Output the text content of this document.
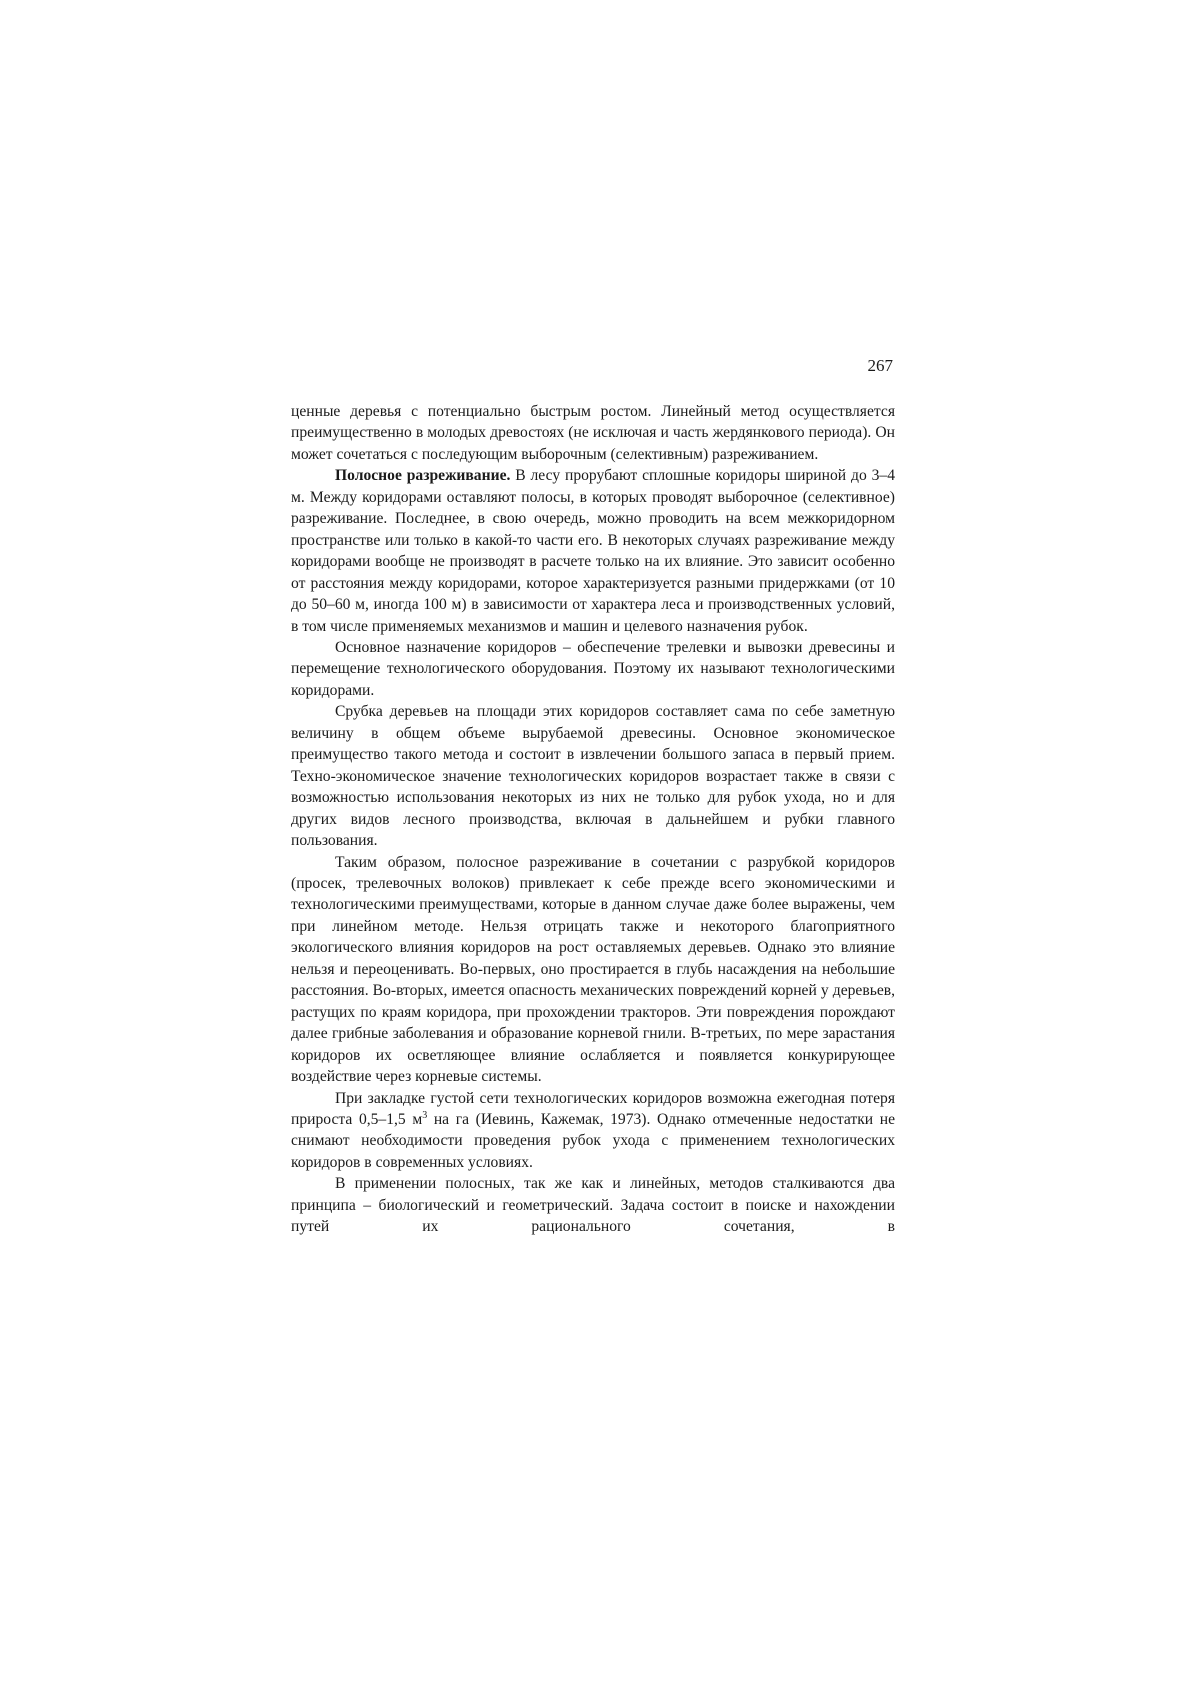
267

ценные деревья с потенциально быстрым ростом. Линейный метод осуществляется преимущественно в молодых древостоях (не исключая и часть жердянкового периода). Он может сочетаться с последующим выборочным (селективным) разреживанием.

Полосное разреживание. В лесу прорубают сплошные коридоры шириной до 3–4 м. Между коридорами оставляют полосы, в которых проводят выборочное (селективное) разреживание. Последнее, в свою очередь, можно проводить на всем межкоридорном пространстве или только в какой-то части его. В некоторых случаях разреживание между коридорами вообще не производят в расчете только на их влияние. Это зависит особенно от расстояния между коридорами, которое характеризуется разными придержками (от 10 до 50–60 м, иногда 100 м) в зависимости от характера леса и производственных условий, в том числе применяемых механизмов и машин и целевого назначения рубок.

Основное назначение коридоров – обеспечение трелевки и вывозки древесины и перемещение технологического оборудования. Поэтому их называют технологическими коридорами.

Срубка деревьев на площади этих коридоров составляет сама по себе заметную величину в общем объеме вырубаемой древесины. Основное экономическое преимущество такого метода и состоит в извлечении большого запаса в первый прием. Техно-экономическое значение технологических коридоров возрастает также в связи с возможностью использования некоторых из них не только для рубок ухода, но и для других видов лесного производства, включая в дальнейшем и рубки главного пользования.

Таким образом, полосное разреживание в сочетании с разрубкой коридоров (просек, трелевочных волоков) привлекает к себе прежде всего экономическими и технологическими преимуществами, которые в данном случае даже более выражены, чем при линейном методе. Нельзя отрицать также и некоторого благоприятного экологического влияния коридоров на рост оставляемых деревьев. Однако это влияние нельзя и переоценивать. Во-первых, оно простирается в глубь насаждения на небольшие расстояния. Во-вторых, имеется опасность механических повреждений корней у деревьев, растущих по краям коридора, при прохождении тракторов. Эти повреждения порождают далее грибные заболевания и образование корневой гнили. В-третьих, по мере зарастания коридоров их осветляющее влияние ослабляется и появляется конкурирующее воздействие через корневые системы.

При закладке густой сети технологических коридоров возможна ежегодная потеря прироста 0,5–1,5 $м^3$ на га (Иевинь, Кажемак, 1973). Однако отмеченные недостатки не снимают необходимости проведения рубок ухода с применением технологических коридоров в современных условиях.

В применении полосных, так же как и линейных, методов сталкиваются два принципа – биологический и геометрический. Задача состоит в поиске и нахождении путей их рационального сочетания, в
